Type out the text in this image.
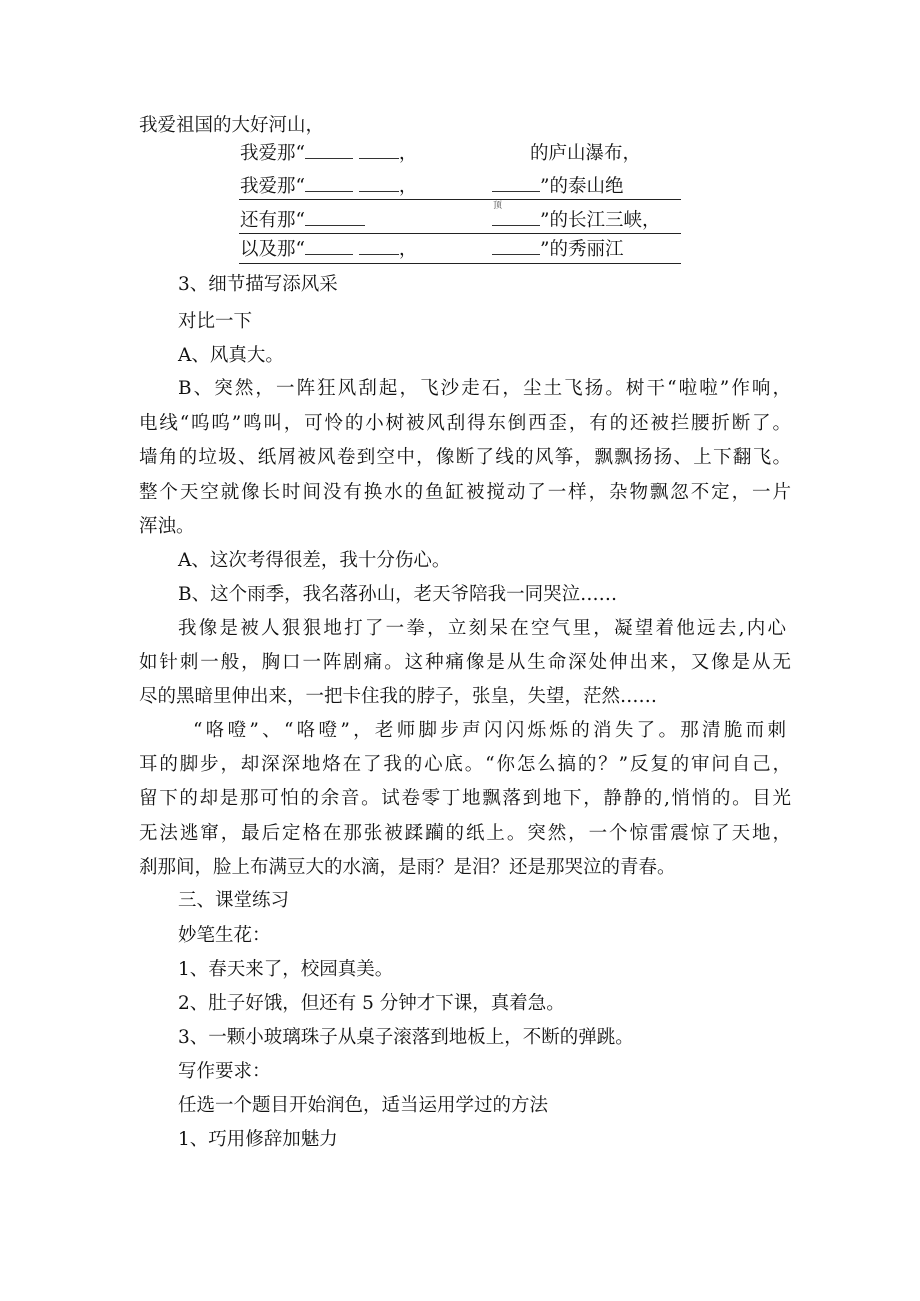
我爱祖国的大好河山，
我爱那“	，	的庐山瀑布，
我爱那“	，	”的泰山绝
顶
还有那“	”的长江三峡，
以及那“	，	”的秀丽江
3、细节描写添风采
对比一下
A、风真大。
B、突然，一阵狂风刮起，飞沙走石，尘土飞扬。树干“啦啦”作响，
电线“呜呜”鸣叫，可怜的小树被风刮得东倒西歪，有的还被拦腰折断了。
墙角的垃圾、纸屑被风卷到空中，像断了线的风筝，飘飘扬扬、上下翻飞。
整个天空就像长时间没有换水的鱼缸被搅动了一样，杂物飘忽不定，一片
浑浊。
A、这次考得很差，我十分伤心。
B、这个雨季，我名落孙山，老天爷陪我一同哭泣……
我像是被人狠狠地打了一拳，立刻呆在空气里，凝望着他远去,内心
如针刺一般，胸口一阵剧痛。这种痛像是从生命深处伸出来，又像是从无
尽的黑暗里伸出来，一把卡住我的脖子，张皇，失望，茫然……
“咯噔”、“咯噔”，老师脚步声闪闪烁烁的消失了。那清脆而刺
耳的脚步，却深深地烙在了我的心底。“你怎么搞的？”反复的审问自己，
留下的却是那可怕的余音。试卷零丁地飘落到地下，静静的,悄悄的。目光
无法逃窜，最后定格在那张被蹂躏的纸上。突然，一个惊雷震惊了天地，
刹那间，脸上布满豆大的水滴，是雨？是泪？还是那哭泣的青春。
三、课堂练习
妙笔生花：
1、春天来了，校园真美。
2、肚子好饿，但还有 5 分钟才下课，真着急。
3、一颗小玻璃珠子从桌子滚落到地板上，不断的弹跳。
写作要求：
任选一个题目开始润色，适当运用学过的方法
1、巧用修辞加魅力
